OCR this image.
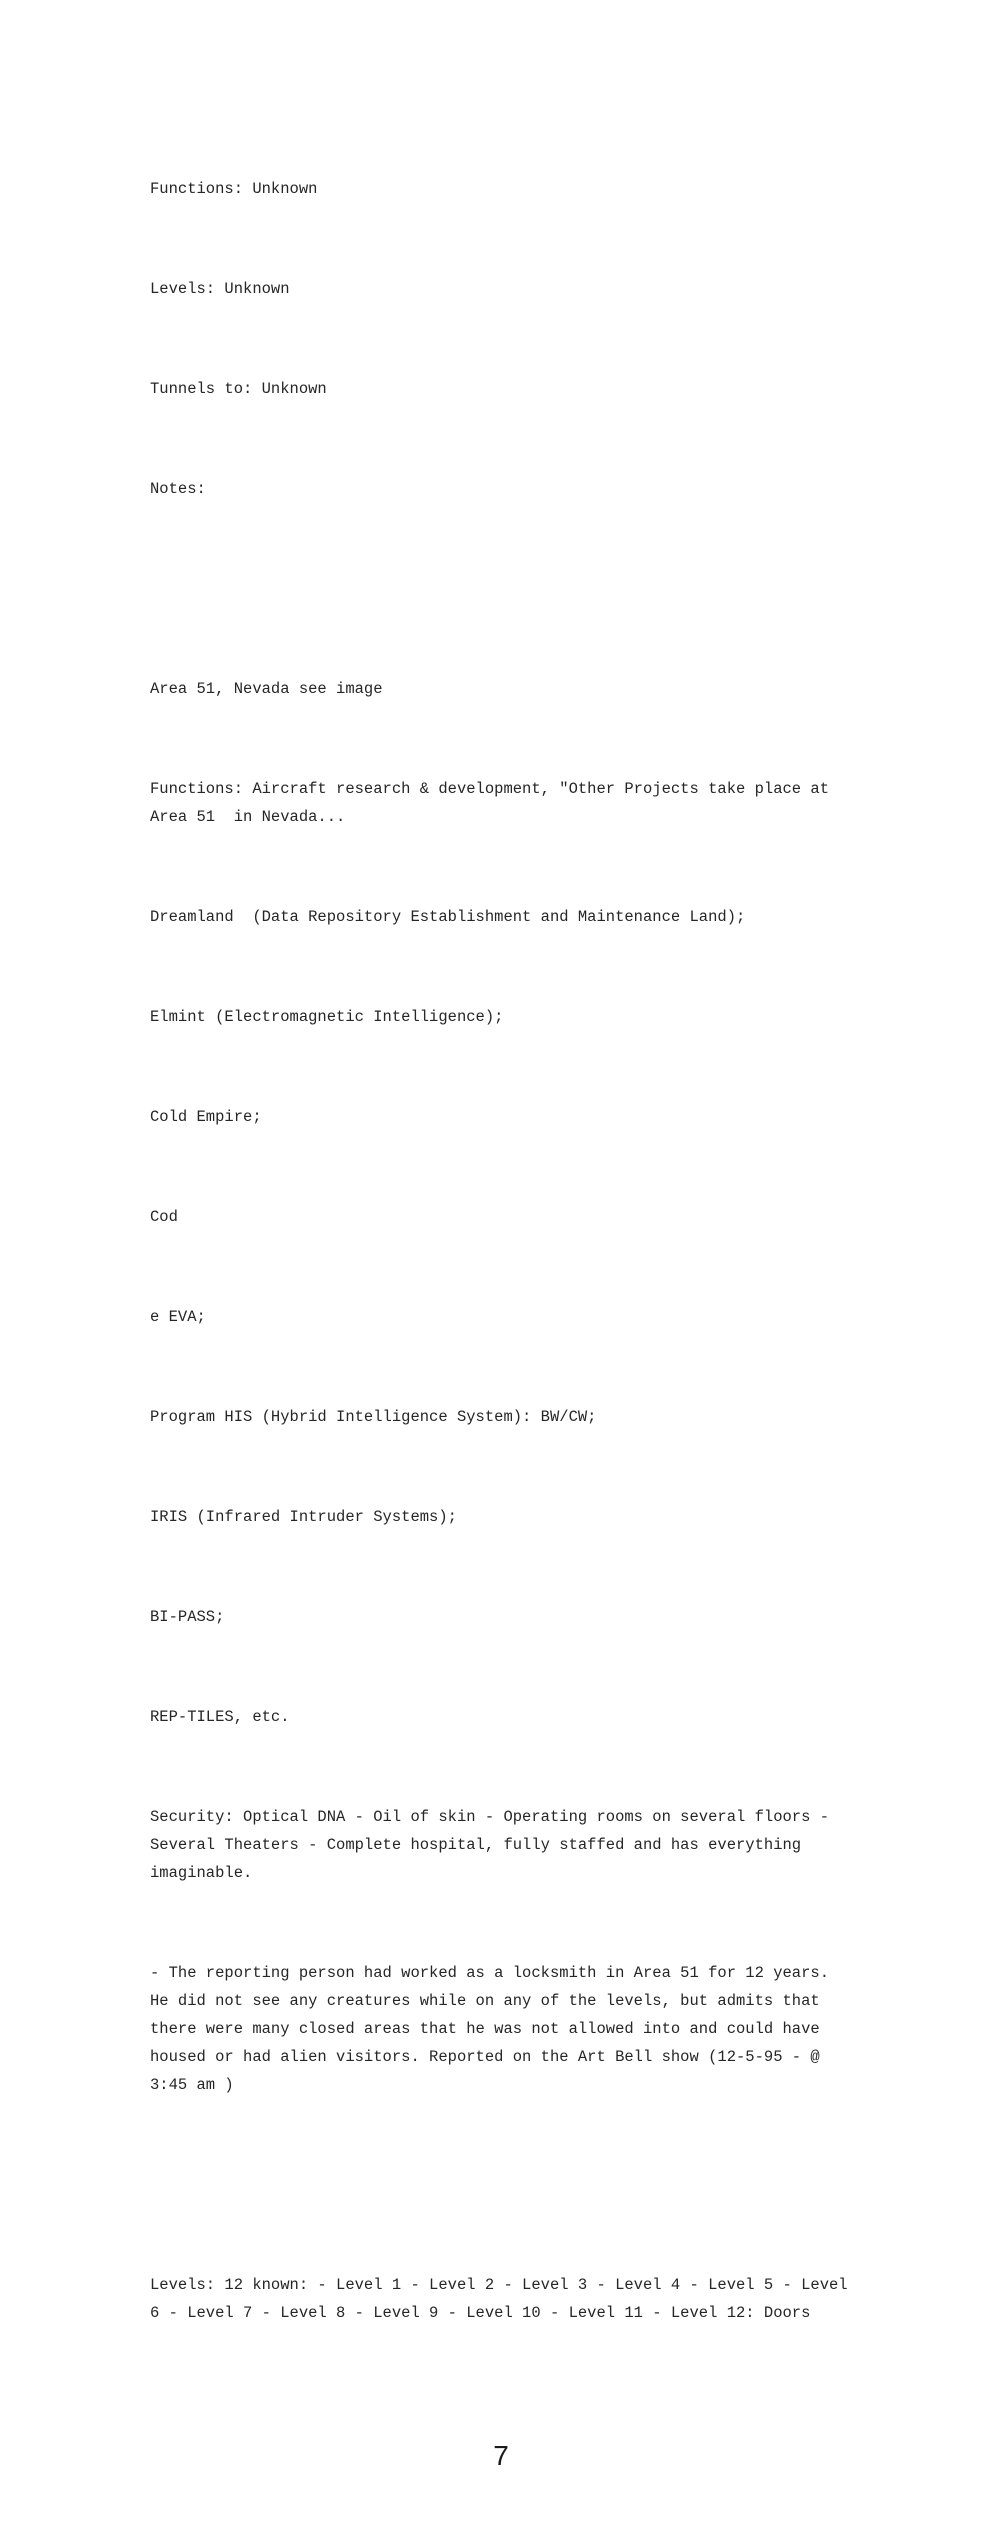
Functions: Unknown

Levels: Unknown

Tunnels to: Unknown

Notes:

Area 51, Nevada see image

Functions: Aircraft research & development, ″Other Projects take place at Area 51  in Nevada...

Dreamland  (Data Repository Establishment and Maintenance Land);

Elmint (Electromagnetic Intelligence);

Cold Empire;

Cod

e EVA;

Program HIS (Hybrid Intelligence System): BW/CW;

IRIS (Infrared Intruder Systems);

BI-PASS;

REP-TILES, etc.

Security: Optical DNA - Oil of skin - Operating rooms on several floors - Several Theaters - Complete hospital, fully staffed and has everything imaginable.

- The reporting person had worked as a locksmith in Area 51 for 12 years. He did not see any creatures while on any of the levels, but admits that there were many closed areas that he was not allowed into and could have housed or had alien visitors. Reported on the Art Bell show (12-5-95 - @ 3:45 am )

Levels: 12 known: - Level 1 - Level 2 - Level 3 - Level 4 - Level 5 - Level 6 - Level 7 - Level 8 - Level 9 - Level 10 - Level 11 - Level 12: Doors

7
